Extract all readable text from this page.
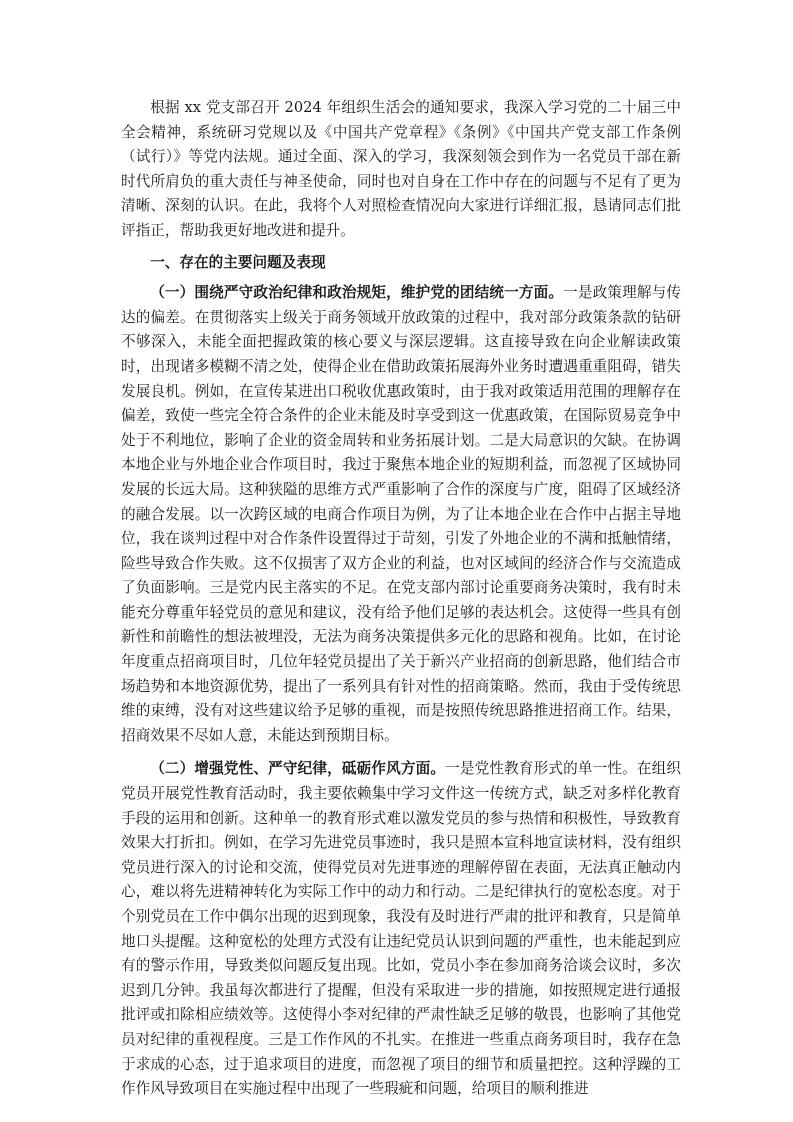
根据 xx 党支部召开 2024 年组织生活会的通知要求，我深入学习党的二十届三中全会精神，系统研习党规以及《中国共产党章程》《条例》《中国共产党支部工作条例（试行）》等党内法规。通过全面、深入的学习，我深刻领会到作为一名党员干部在新时代所肩负的重大责任与神圣使命，同时也对自身在工作中存在的问题与不足有了更为清晰、深刻的认识。在此，我将个人对照检查情况向大家进行详细汇报，恳请同志们批评指正，帮助我更好地改进和提升。

一、存在的主要问题及表现

（一）围绕严守政治纪律和政治规矩，维护党的团结统一方面。一是政策理解与传达的偏差。在贯彻落实上级关于商务领域开放政策的过程中，我对部分政策条款的钻研不够深入，未能全面把握政策的核心要义与深层逻辑。这直接导致在向企业解读政策时，出现诸多模糊不清之处，使得企业在借助政策拓展海外业务时遭遇重重阻碍，错失发展良机。例如，在宣传某进出口税收优惠政策时，由于我对政策适用范围的理解存在偏差，致使一些完全符合条件的企业未能及时享受到这一优惠政策，在国际贸易竞争中处于不利地位，影响了企业的资金周转和业务拓展计划。二是大局意识的欠缺。在协调本地企业与外地企业合作项目时，我过于聚焦本地企业的短期利益，而忽视了区域协同发展的长远大局。这种狭隘的思维方式严重影响了合作的深度与广度，阻碍了区域经济的融合发展。以一次跨区域的电商合作项目为例，为了让本地企业在合作中占据主导地位，我在谈判过程中对合作条件设置得过于苛刻，引发了外地企业的不满和抵触情绪，险些导致合作失败。这不仅损害了双方企业的利益，也对区域间的经济合作与交流造成了负面影响。三是党内民主落实的不足。在党支部内部讨论重要商务决策时，我有时未能充分尊重年轻党员的意见和建议，没有给予他们足够的表达机会。这使得一些具有创新性和前瞻性的想法被埋没，无法为商务决策提供多元化的思路和视角。比如，在讨论年度重点招商项目时，几位年轻党员提出了关于新兴产业招商的创新思路，他们结合市场趋势和本地资源优势，提出了一系列具有针对性的招商策略。然而，我由于受传统思维的束缚，没有对这些建议给予足够的重视，而是按照传统思路推进招商工作。结果，招商效果不尽如人意，未能达到预期目标。

（二）增强党性、严守纪律，砥砺作风方面。一是党性教育形式的单一性。在组织党员开展党性教育活动时，我主要依赖集中学习文件这一传统方式，缺乏对多样化教育手段的运用和创新。这种单一的教育形式难以激发党员的参与热情和积极性，导致教育效果大打折扣。例如，在学习先进党员事迹时，我只是照本宣科地宣读材料，没有组织党员进行深入的讨论和交流，使得党员对先进事迹的理解停留在表面，无法真正触动内心，难以将先进精神转化为实际工作中的动力和行动。二是纪律执行的宽松态度。对于个别党员在工作中偶尔出现的迟到现象，我没有及时进行严肃的批评和教育，只是简单地口头提醒。这种宽松的处理方式没有让违纪党员认识到问题的严重性，也未能起到应有的警示作用，导致类似问题反复出现。比如，党员小李在参加商务洽谈会议时，多次迟到几分钟。我虽每次都进行了提醒，但没有采取进一步的措施，如按照规定进行通报批评或扣除相应绩效等。这使得小李对纪律的严肃性缺乏足够的敬畏，也影响了其他党员对纪律的重视程度。三是工作作风的不扎实。在推进一些重点商务项目时，我存在急于求成的心态，过于追求项目的进度，而忽视了项目的细节和质量把控。这种浮躁的工作作风导致项目在实施过程中出现了一些瑕疵和问题，给项目的顺利推进
